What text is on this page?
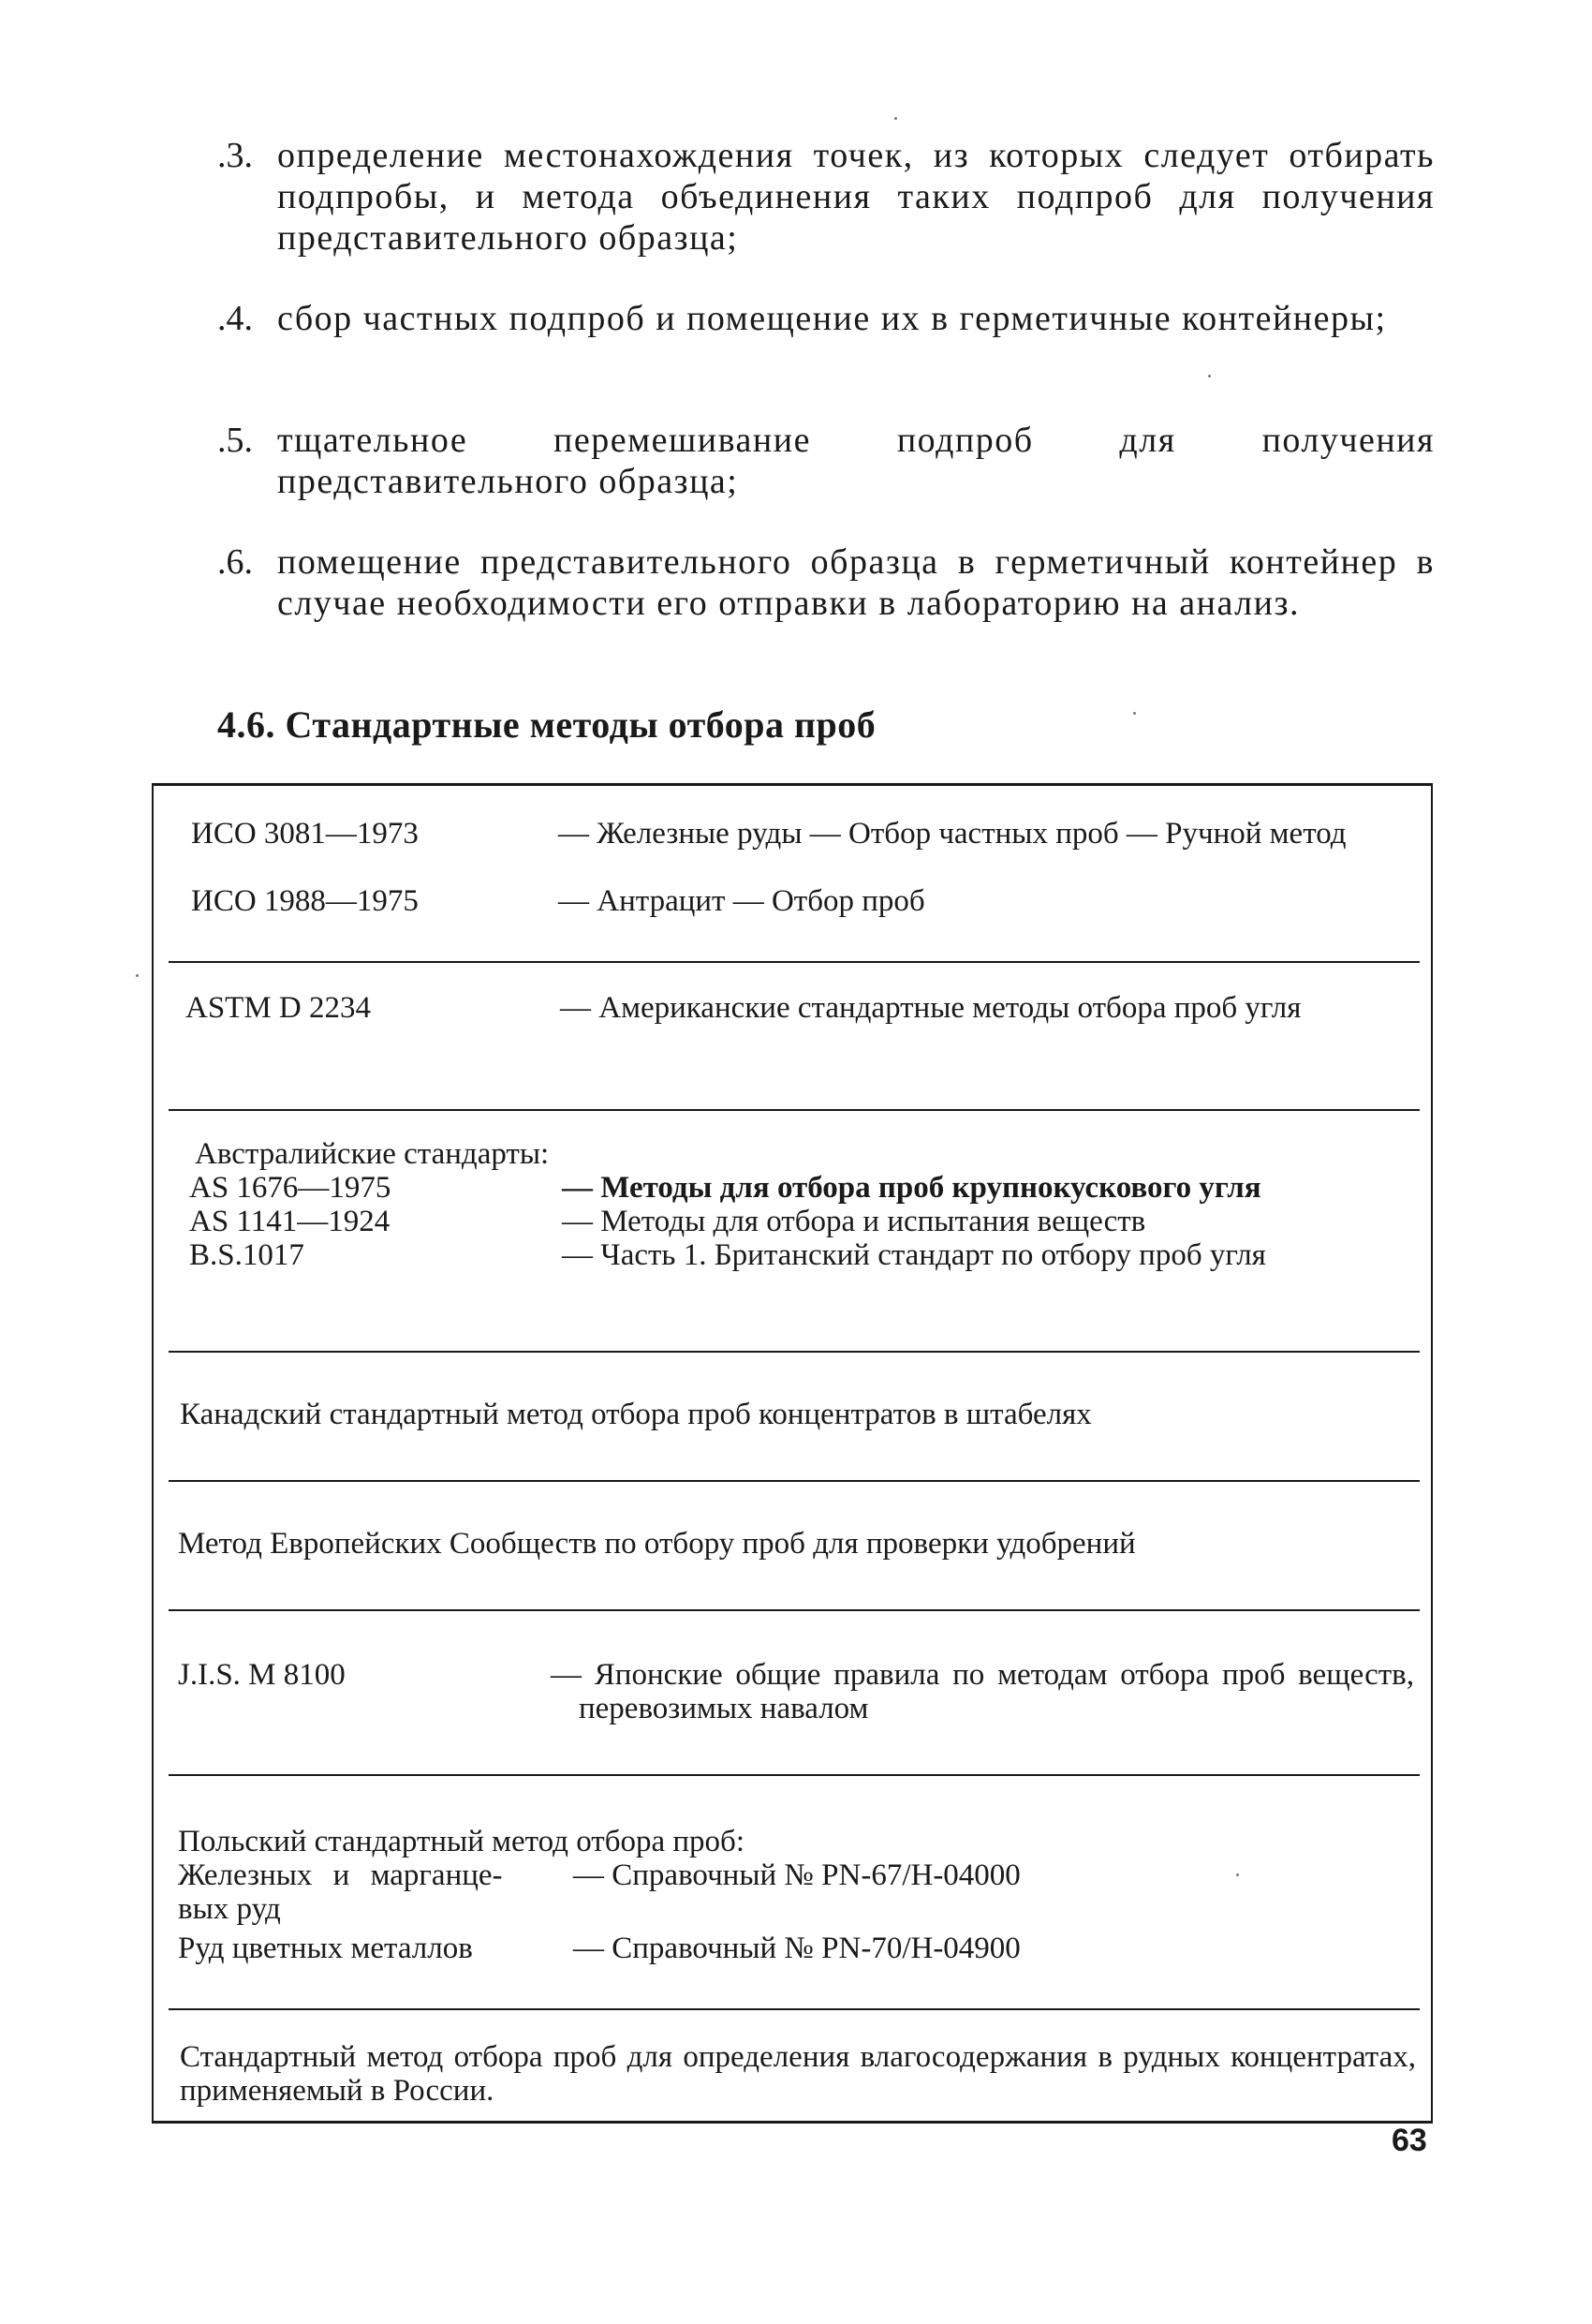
.3. определение местонахождения точек, из которых следует отбирать подпробы, и метода объединения таких подпроб для получения представительного образца;
.4. сбор частных подпроб и помещение их в герметичные контейнеры;
.5. тщательное перемешивание подпроб для получения представительного образца;
.6. помещение представительного образца в герметичный контейнер в случае необходимости его отправки в лабораторию на анализ.
4.6. Стандартные методы отбора проб
ИСО 3081—1973	— Железные руды — Отбор частных проб — Ручной метод
ИСО 1988—1975	— Антрацит — Отбор проб
ASTM D 2234	— Американские стандартные методы отбора проб угля
Австралийские стандарты:
AS 1676—1975	— Методы для отбора проб крупнокускового угля
AS 1141—1924	— Методы для отбора и испытания веществ
B.S.1017	— Часть 1. Британский стандарт по отбору проб угля
Канадский стандартный метод отбора проб концентратов в штабелях
Метод Европейских Сообществ по отбору проб для проверки удобрений
J.I.S. M 8100	— Японские общие правила по методам отбора проб веществ, перевозимых навалом
Польский стандартный метод отбора проб:
Железных и марганце- — Справочный № PN-67/H-04000
вых руд
Руд цветных металлов	— Справочный № PN-70/H-04900
Стандартный метод отбора проб для определения влагосодержания в рудных концентратах, применяемый в России.
63
